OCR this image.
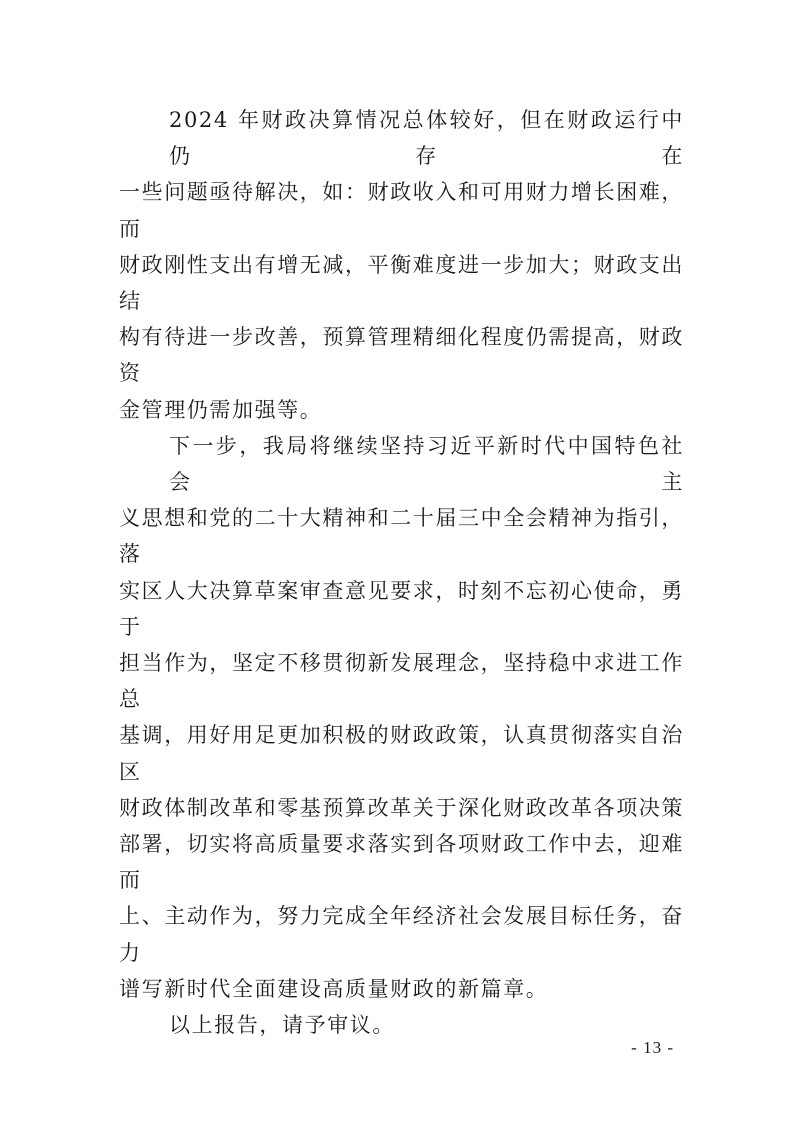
2024 年财政决算情况总体较好，但在财政运行中仍存在
一些问题亟待解决，如：财政收入和可用财力增长困难，而
财政刚性支出有增无减，平衡难度进一步加大；财政支出结
构有待进一步改善，预算管理精细化程度仍需提高，财政资
金管理仍需加强等。

下一步，我局将继续坚持习近平新时代中国特色社会主
义思想和党的二十大精神和二十届三中全会精神为指引，落
实区人大决算草案审查意见要求，时刻不忘初心使命，勇于
担当作为，坚定不移贯彻新发展理念，坚持稳中求进工作总
基调，用好用足更加积极的财政政策，认真贯彻落实自治区
财政体制改革和零基预算改革关于深化财政改革各项决策
部署，切实将高质量要求落实到各项财政工作中去，迎难而
上、主动作为，努力完成全年经济社会发展目标任务，奋力
谱写新时代全面建设高质量财政的新篇章。

以上报告，请予审议。

- 13 -
